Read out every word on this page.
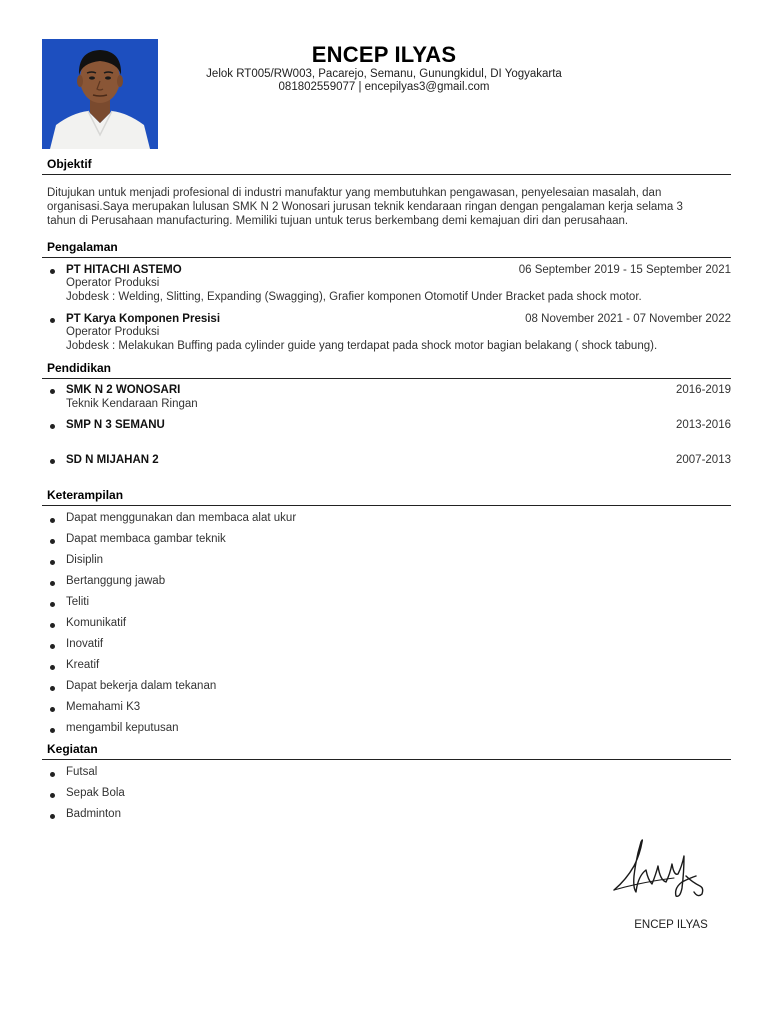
ENCEP ILYAS
Jelok RT005/RW003, Pacarejo, Semanu, Gunungkidul, DI Yogyakarta
081802559077 | encepilyas3@gmail.com
Objektif
Ditujukan untuk menjadi profesional di industri manufaktur yang membutuhkan pengawasan, penyelesaian masalah, dan
organisasi.Saya merupakan lulusan SMK N 2 Wonosari jurusan teknik kendaraan ringan dengan pengalaman kerja selama 3
tahun di Perusahaan manufacturing. Memiliki tujuan untuk terus berkembang demi kemajuan diri dan perusahaan.
Pengalaman
PT HITACHI ASTEMO	06 September 2019 - 15 September 2021
Operator Produksi
Jobdesk : Welding, Slitting, Expanding (Swagging), Grafier komponen Otomotif Under Bracket pada shock motor.
PT Karya Komponen Presisi	08 November 2021 - 07 November 2022
Operator Produksi
Jobdesk : Melakukan Buffing pada cylinder guide yang terdapat pada shock motor bagian belakang ( shock tabung).
Pendidikan
SMK N 2 WONOSARI	2016-2019
Teknik Kendaraan Ringan
SMP N 3 SEMANU	2013-2016
SD N MIJAHAN 2	2007-2013
Keterampilan
Dapat menggunakan dan membaca alat ukur
Dapat membaca gambar teknik
Disiplin
Bertanggung jawab
Teliti
Komunikatif
Inovatif
Kreatif
Dapat bekerja dalam tekanan
Memahami K3
mengambil keputusan
Kegiatan
Futsal
Sepak Bola
Badminton
ENCEP ILYAS
